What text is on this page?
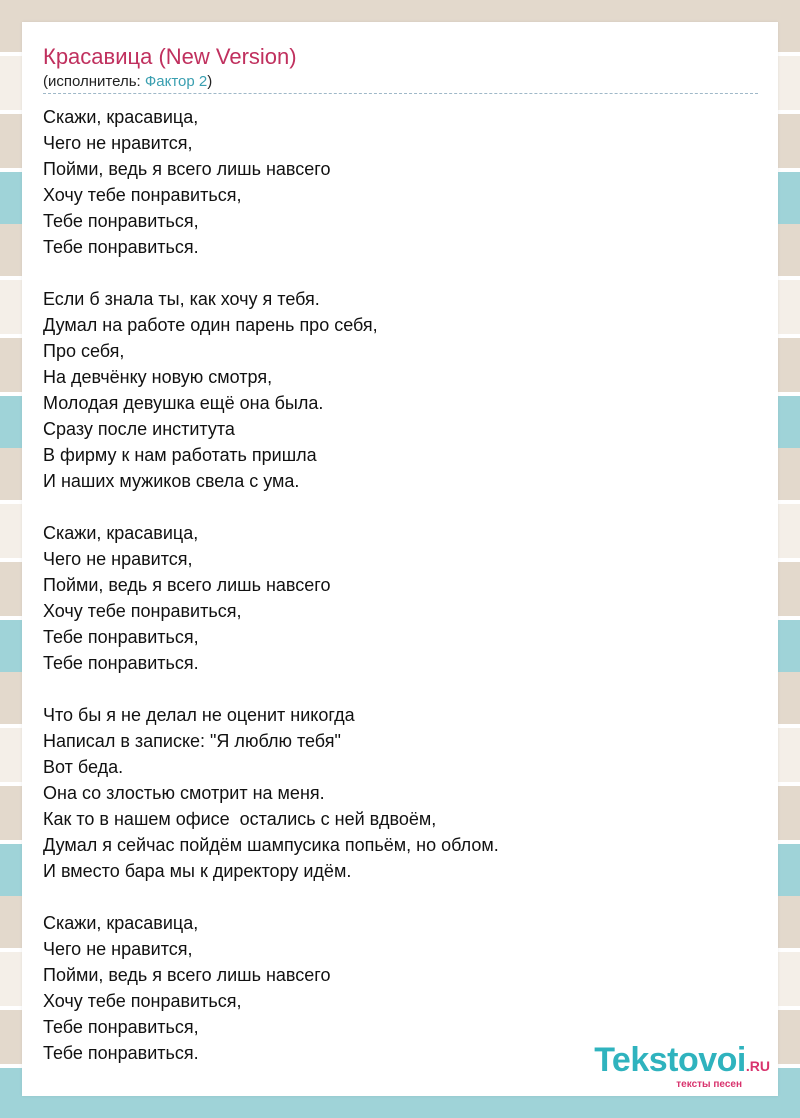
Красавица (New Version)
(исполнитель: Фактор 2)
Скажи, красавица,
Чего не нравится,
Пойми, ведь я всего лишь навсего
Хочу тебе понравиться,
Тебе понравиться,
Тебе понравиться.
Если б знала ты, как хочу я тебя.
Думал на работе один парень про себя,
Про себя,
На девчёнку новую смотря,
Молодая девушка ещё она была.
Сразу после института
В фирму к нам работать пришла
И наших мужиков свела с ума.
Скажи, красавица,
Чего не нравится,
Пойми, ведь я всего лишь навсего
Хочу тебе понравиться,
Тебе понравиться,
Тебе понравиться.
Что бы я не делал не оценит никогда
Написал в записке: "Я люблю тебя"
Вот беда.
Она со злостью смотрит на меня.
Как то в нашем офисе  остались с ней вдвоём,
Думал я сейчас пойдём шампусика попьём, но облом.
И вместо бара мы к директору идём.
Скажи, красавица,
Чего не нравится,
Пойми, ведь я всего лишь навсего
Хочу тебе понравиться,
Тебе понравиться,
Тебе понравиться.	Tekstovoi.RU
тексты песен
